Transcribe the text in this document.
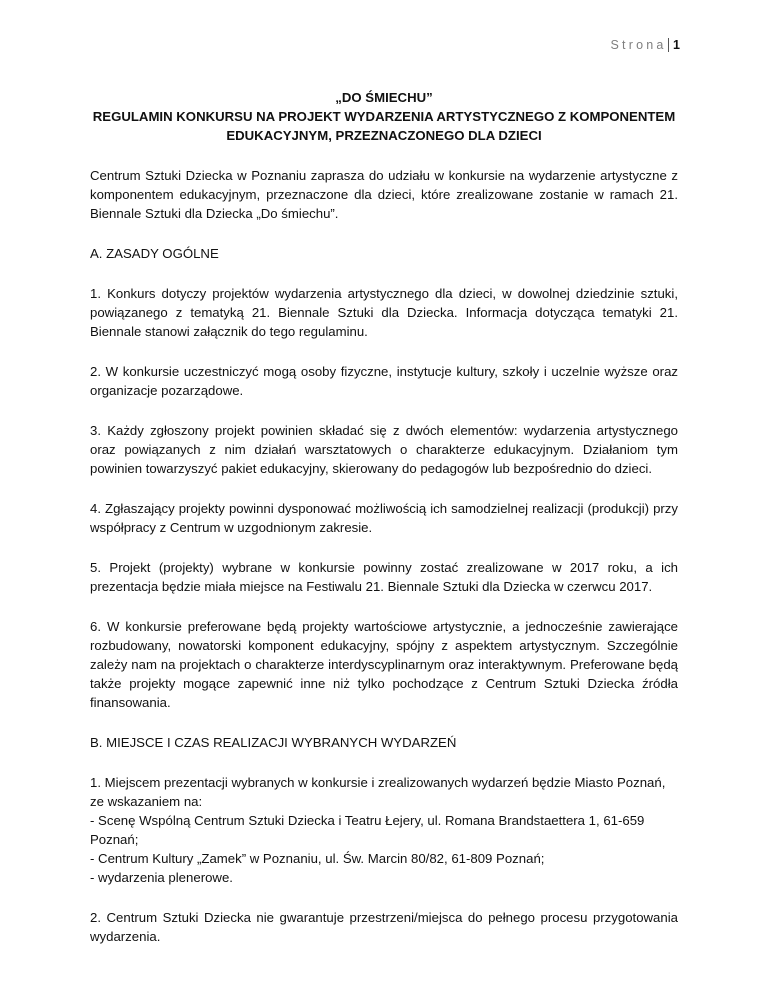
Strona 1
„DO ŚMIECHU”
REGULAMIN KONKURSU NA PROJEKT WYDARZENIA ARTYSTYCZNEGO Z KOMPONENTEM
EDUKACYJNYM, PRZEZNACZONEGO DLA DZIECI

Centrum Sztuki Dziecka w Poznaniu zaprasza do udziału w konkursie na wydarzenie artystyczne z komponentem edukacyjnym, przeznaczone dla dzieci, które zrealizowane zostanie w ramach 21. Biennale Sztuki dla Dziecka „Do śmiechu”.

A. ZASADY OGÓLNE

1. Konkurs dotyczy projektów wydarzenia artystycznego dla dzieci, w dowolnej dziedzinie sztuki, powiązanego z tematyką 21. Biennale Sztuki dla Dziecka. Informacja dotycząca tematyki 21. Biennale stanowi załącznik do tego regulaminu.

2. W konkursie uczestniczyć mogą osoby fizyczne, instytucje kultury, szkoły i uczelnie wyższe oraz organizacje pozarządowe.

3. Każdy zgłoszony projekt powinien składać się z dwóch elementów: wydarzenia artystycznego oraz powiązanych z nim działań warsztatowych o charakterze edukacyjnym. Działaniom tym powinien towarzyszyć pakiet edukacyjny, skierowany do pedagogów lub bezpośrednio do dzieci.

4. Zgłaszający projekty powinni dysponować możliwością ich samodzielnej realizacji (produkcji) przy współpracy z Centrum w uzgodnionym zakresie.

5. Projekt (projekty) wybrane w konkursie powinny zostać zrealizowane w 2017 roku, a ich prezentacja będzie miała miejsce na Festiwalu 21. Biennale Sztuki dla Dziecka w czerwcu 2017.

6. W konkursie preferowane będą projekty wartościowe artystycznie, a jednocześnie zawierające rozbudowany, nowatorski komponent edukacyjny, spójny z aspektem artystycznym. Szczególnie zależy nam na projektach o charakterze interdyscyplinarnym oraz interaktywnym. Preferowane będą także projekty mogące zapewnić inne niż tylko pochodzące z Centrum Sztuki Dziecka źródła finansowania.

B. MIEJSCE I CZAS REALIZACJI WYBRANYCH WYDARZEŃ

1. Miejscem prezentacji wybranych w konkursie i zrealizowanych wydarzeń będzie Miasto Poznań, ze wskazaniem na:
- Scenę Wspólną Centrum Sztuki Dziecka i Teatru Łejery, ul. Romana Brandstaettera 1, 61-659 Poznań;
- Centrum Kultury „Zamek” w Poznaniu, ul. Św. Marcin 80/82, 61-809 Poznań;
- wydarzenia plenerowe.

2. Centrum Sztuki Dziecka nie gwarantuje przestrzeni/miejsca do pełnego procesu przygotowania wydarzenia.
